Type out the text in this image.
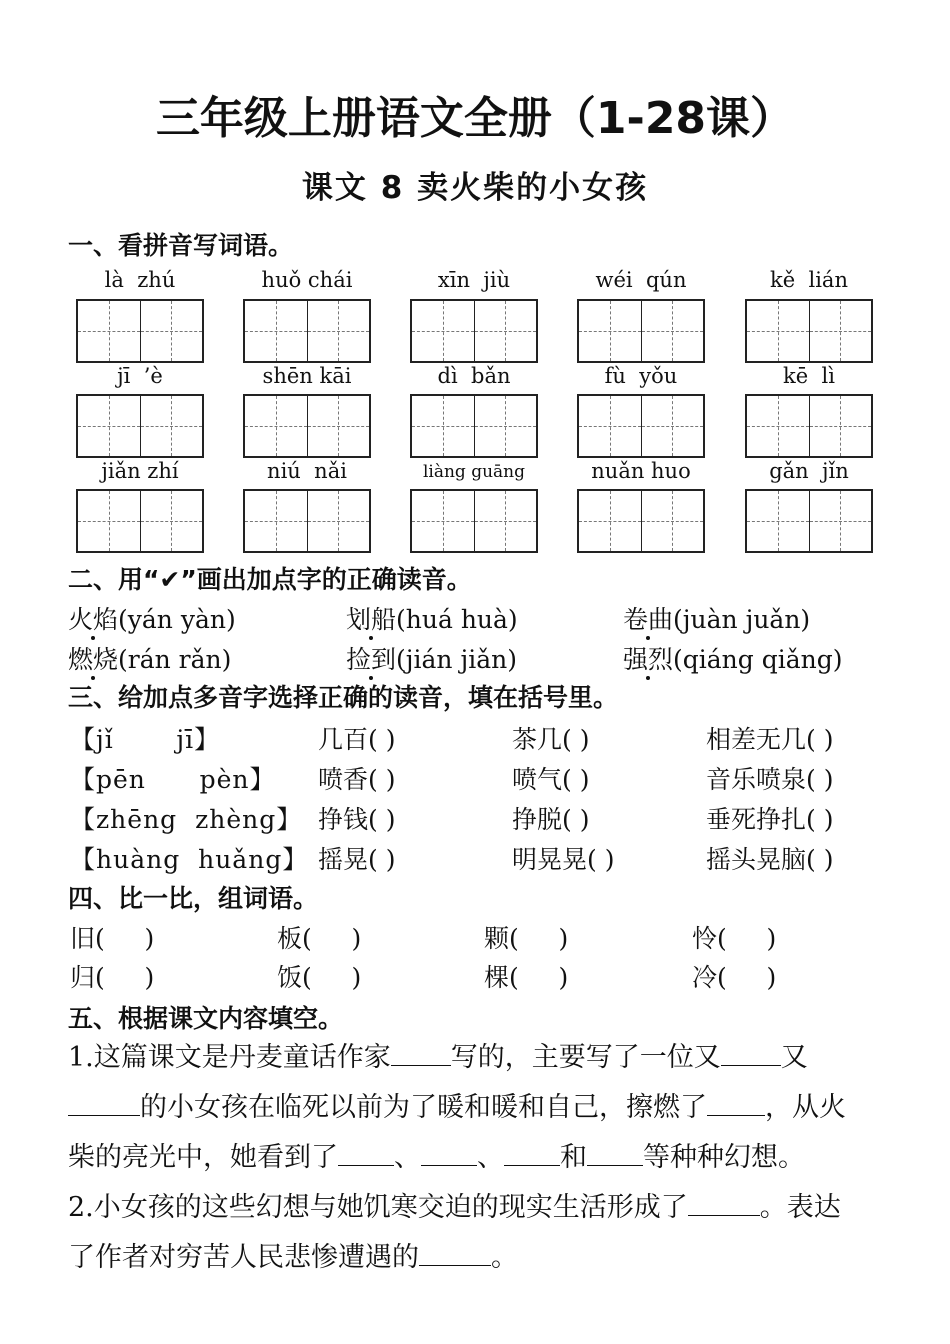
三年级上册语文全册（1-28课）
课文 8 卖火柴的小女孩
一、看拼音写词语。
là  zhú	huǒ chái	xīn  jiù	wéi  qún	kě  lián
jī  ’è	shēn kāi	dì  bǎn	fù  yǒu	kē  lì
jiǎn zhí	niú  nǎi	liàng guāng	nuǎn huo	gǎn  jǐn
二、用“✔”画出加点字的正确读音。
火焰(yán yàn)	划船(huá huà)	卷曲(juàn juǎn)
燃烧(rán rǎn)	捡到(jián jiǎn)	强烈(qiáng qiǎng)
三、给加点多音字选择正确的读音，填在括号里。
【jǐ       jī】	几百( )	茶几( )	相差无几( )
【pēn      pèn】 喷香( )	喷气( )	音乐喷泉( )
【zhēng  zhèng】 挣钱( )	挣脱( )	垂死挣扎( )
【huàng  huǎng】 摇晃( )	明晃晃( )	摇头晃脑( )
四、比一比，组词语。
旧(     )	板(     )	颗(     )	怜(     )
归(     )	饭(     )	棵(     )	冷(     )
五、根据课文内容填空。
1.这篇课文是丹麦童话作家 写的，主要写了一位又 又
的小女孩在临死以前为了暖和暖和自己，擦燃了 ，从火
柴的亮光中，她看到了 、 、 和 等种种幻想。
2.小女孩的这些幻想与她饥寒交迫的现实生活形成了	。表达
了作者对穷苦人民悲惨遭遇的	。
